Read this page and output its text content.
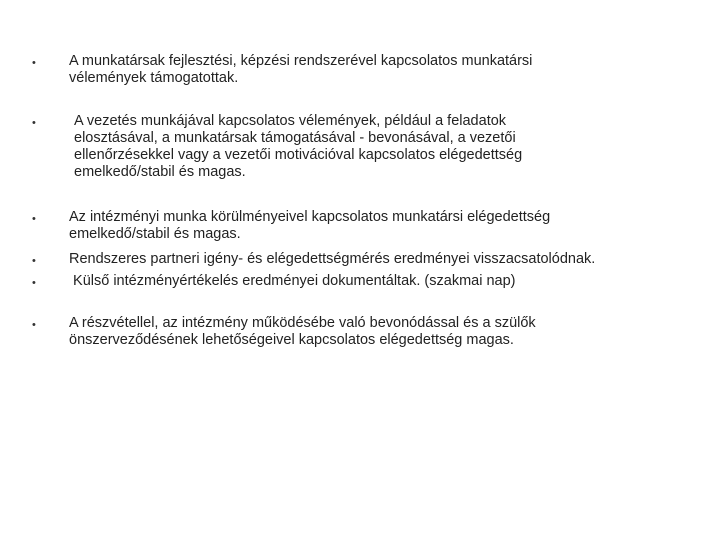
• A munkatársak fejlesztési, képzési rendszerével kapcsolatos munkatársi
vélemények támogatottak.
•	A vezetés munkájával kapcsolatos vélemények, például a feladatok
elosztásával, a munkatársak támogatásával - bevonásával, a vezetői
ellenőrzésekkel vagy a vezetői motivációval kapcsolatos elégedettség
emelkedő/stabil és magas.
• Az intézményi munka körülményeivel kapcsolatos munkatársi elégedettség
emelkedő/stabil és magas.
• Rendszeres partneri igény- és elégedettségmérés eredményei visszacsatolódnak.
• Külső intézményértékelés eredményei dokumentáltak. (szakmai nap)
• A részvétellel, az intézmény működésébe való bevonódással és a szülők
önszerveződésének lehetőségeivel kapcsolatos elégedettség magas.
